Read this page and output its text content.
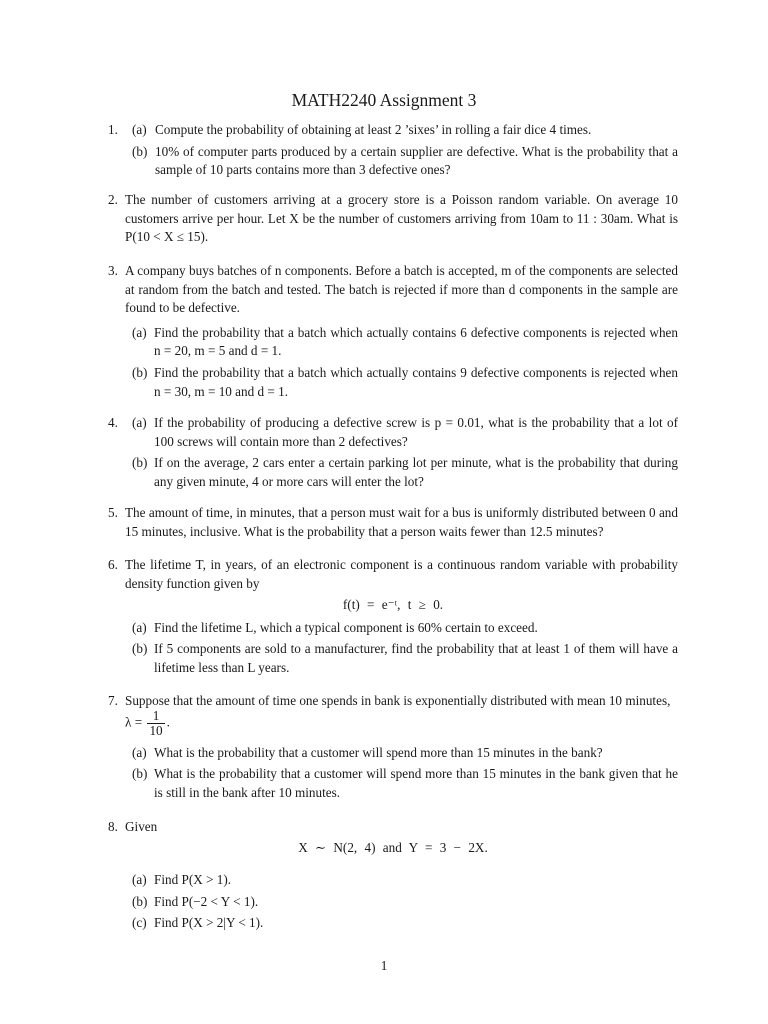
MATH2240 Assignment 3
1. (a) Compute the probability of obtaining at least 2 ’sixes’ in rolling a fair dice 4 times.
(b) 10% of computer parts produced by a certain supplier are defective. What is the probability that a sample of 10 parts contains more than 3 defective ones?
2. The number of customers arriving at a grocery store is a Poisson random variable. On average 10 customers arrive per hour. Let X be the number of customers arriving from 10am to 11 : 30am. What is P(10 < X ≤ 15).
3. A company buys batches of n components. Before a batch is accepted, m of the components are selected at random from the batch and tested. The batch is rejected if more than d components in the sample are found to be defective.
(a) Find the probability that a batch which actually contains 6 defective components is rejected when n = 20, m = 5 and d = 1.
(b) Find the probability that a batch which actually contains 9 defective components is rejected when n = 30, m = 10 and d = 1.
4. (a) If the probability of producing a defective screw is p = 0.01, what is the probability that a lot of 100 screws will contain more than 2 defectives?
(b) If on the average, 2 cars enter a certain parking lot per minute, what is the probability that during any given minute, 4 or more cars will enter the lot?
5. The amount of time, in minutes, that a person must wait for a bus is uniformly distributed between 0 and 15 minutes, inclusive. What is the probability that a person waits fewer than 12.5 minutes?
6. The lifetime T, in years, of an electronic component is a continuous random variable with probability density function given by
f(t) = e⁻ᵗ, t ≥ 0.
(a) Find the lifetime L, which a typical component is 60% certain to exceed.
(b) If 5 components are sold to a manufacturer, find the probability that at least 1 of them will have a lifetime less than L years.
7. Suppose that the amount of time one spends in bank is exponentially distributed with mean 10 minutes,
$\lambda = \frac{1}{10}$ .
(a) What is the probability that a customer will spend more than 15 minutes in the bank?
(b) What is the probability that a customer will spend more than 15 minutes in the bank given that he is still in the bank after 10 minutes.
8. Given
X ∼ N(2, 4) and Y = 3 − 2X.
(a) Find P(X > 1).
(b) Find P(−2 < Y < 1).
(c) Find P(X > 2|Y < 1).
1
